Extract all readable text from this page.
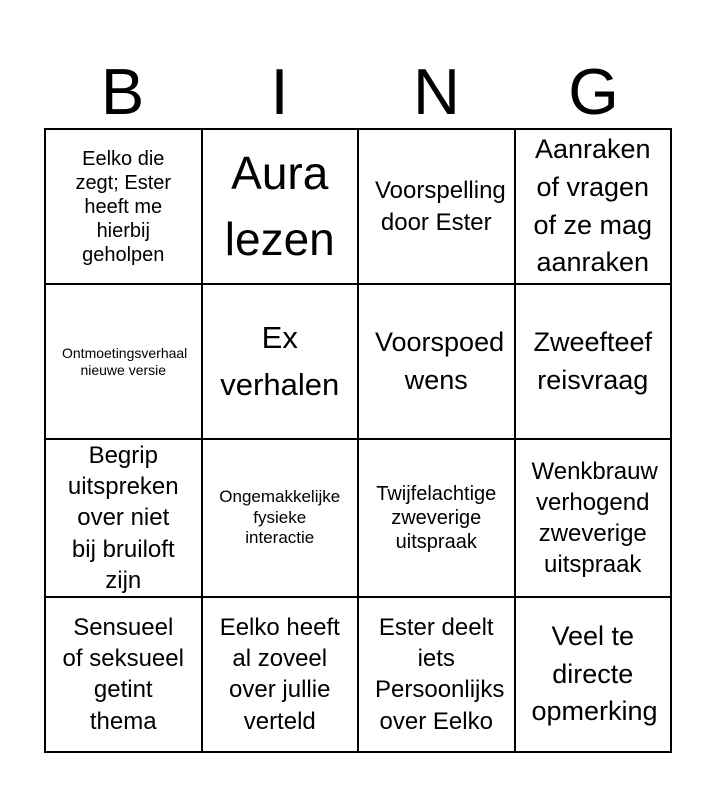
B	I	N	G
Eelko die zegt; Ester heeft me hierbij geholpen	Aura lezen	Voorspelling door Ester	Aanraken of vragen of ze mag aanraken
Ontmoetingsverhaal nieuwe versie	Ex verhalen	Voorspoed wens	Zweefteef reisvraag
Begrip uitspreken over niet bij bruiloft zijn	Ongemakkelijke fysieke interactie	Twijfelachtige zweverige uitspraak	Wenkbrauw verhogend zweverige uitspraak
Sensueel of seksueel getint thema	Eelko heeft al zoveel over jullie verteld	Ester deelt iets Persoonlijks over Eelko	Veel te directe opmerking
